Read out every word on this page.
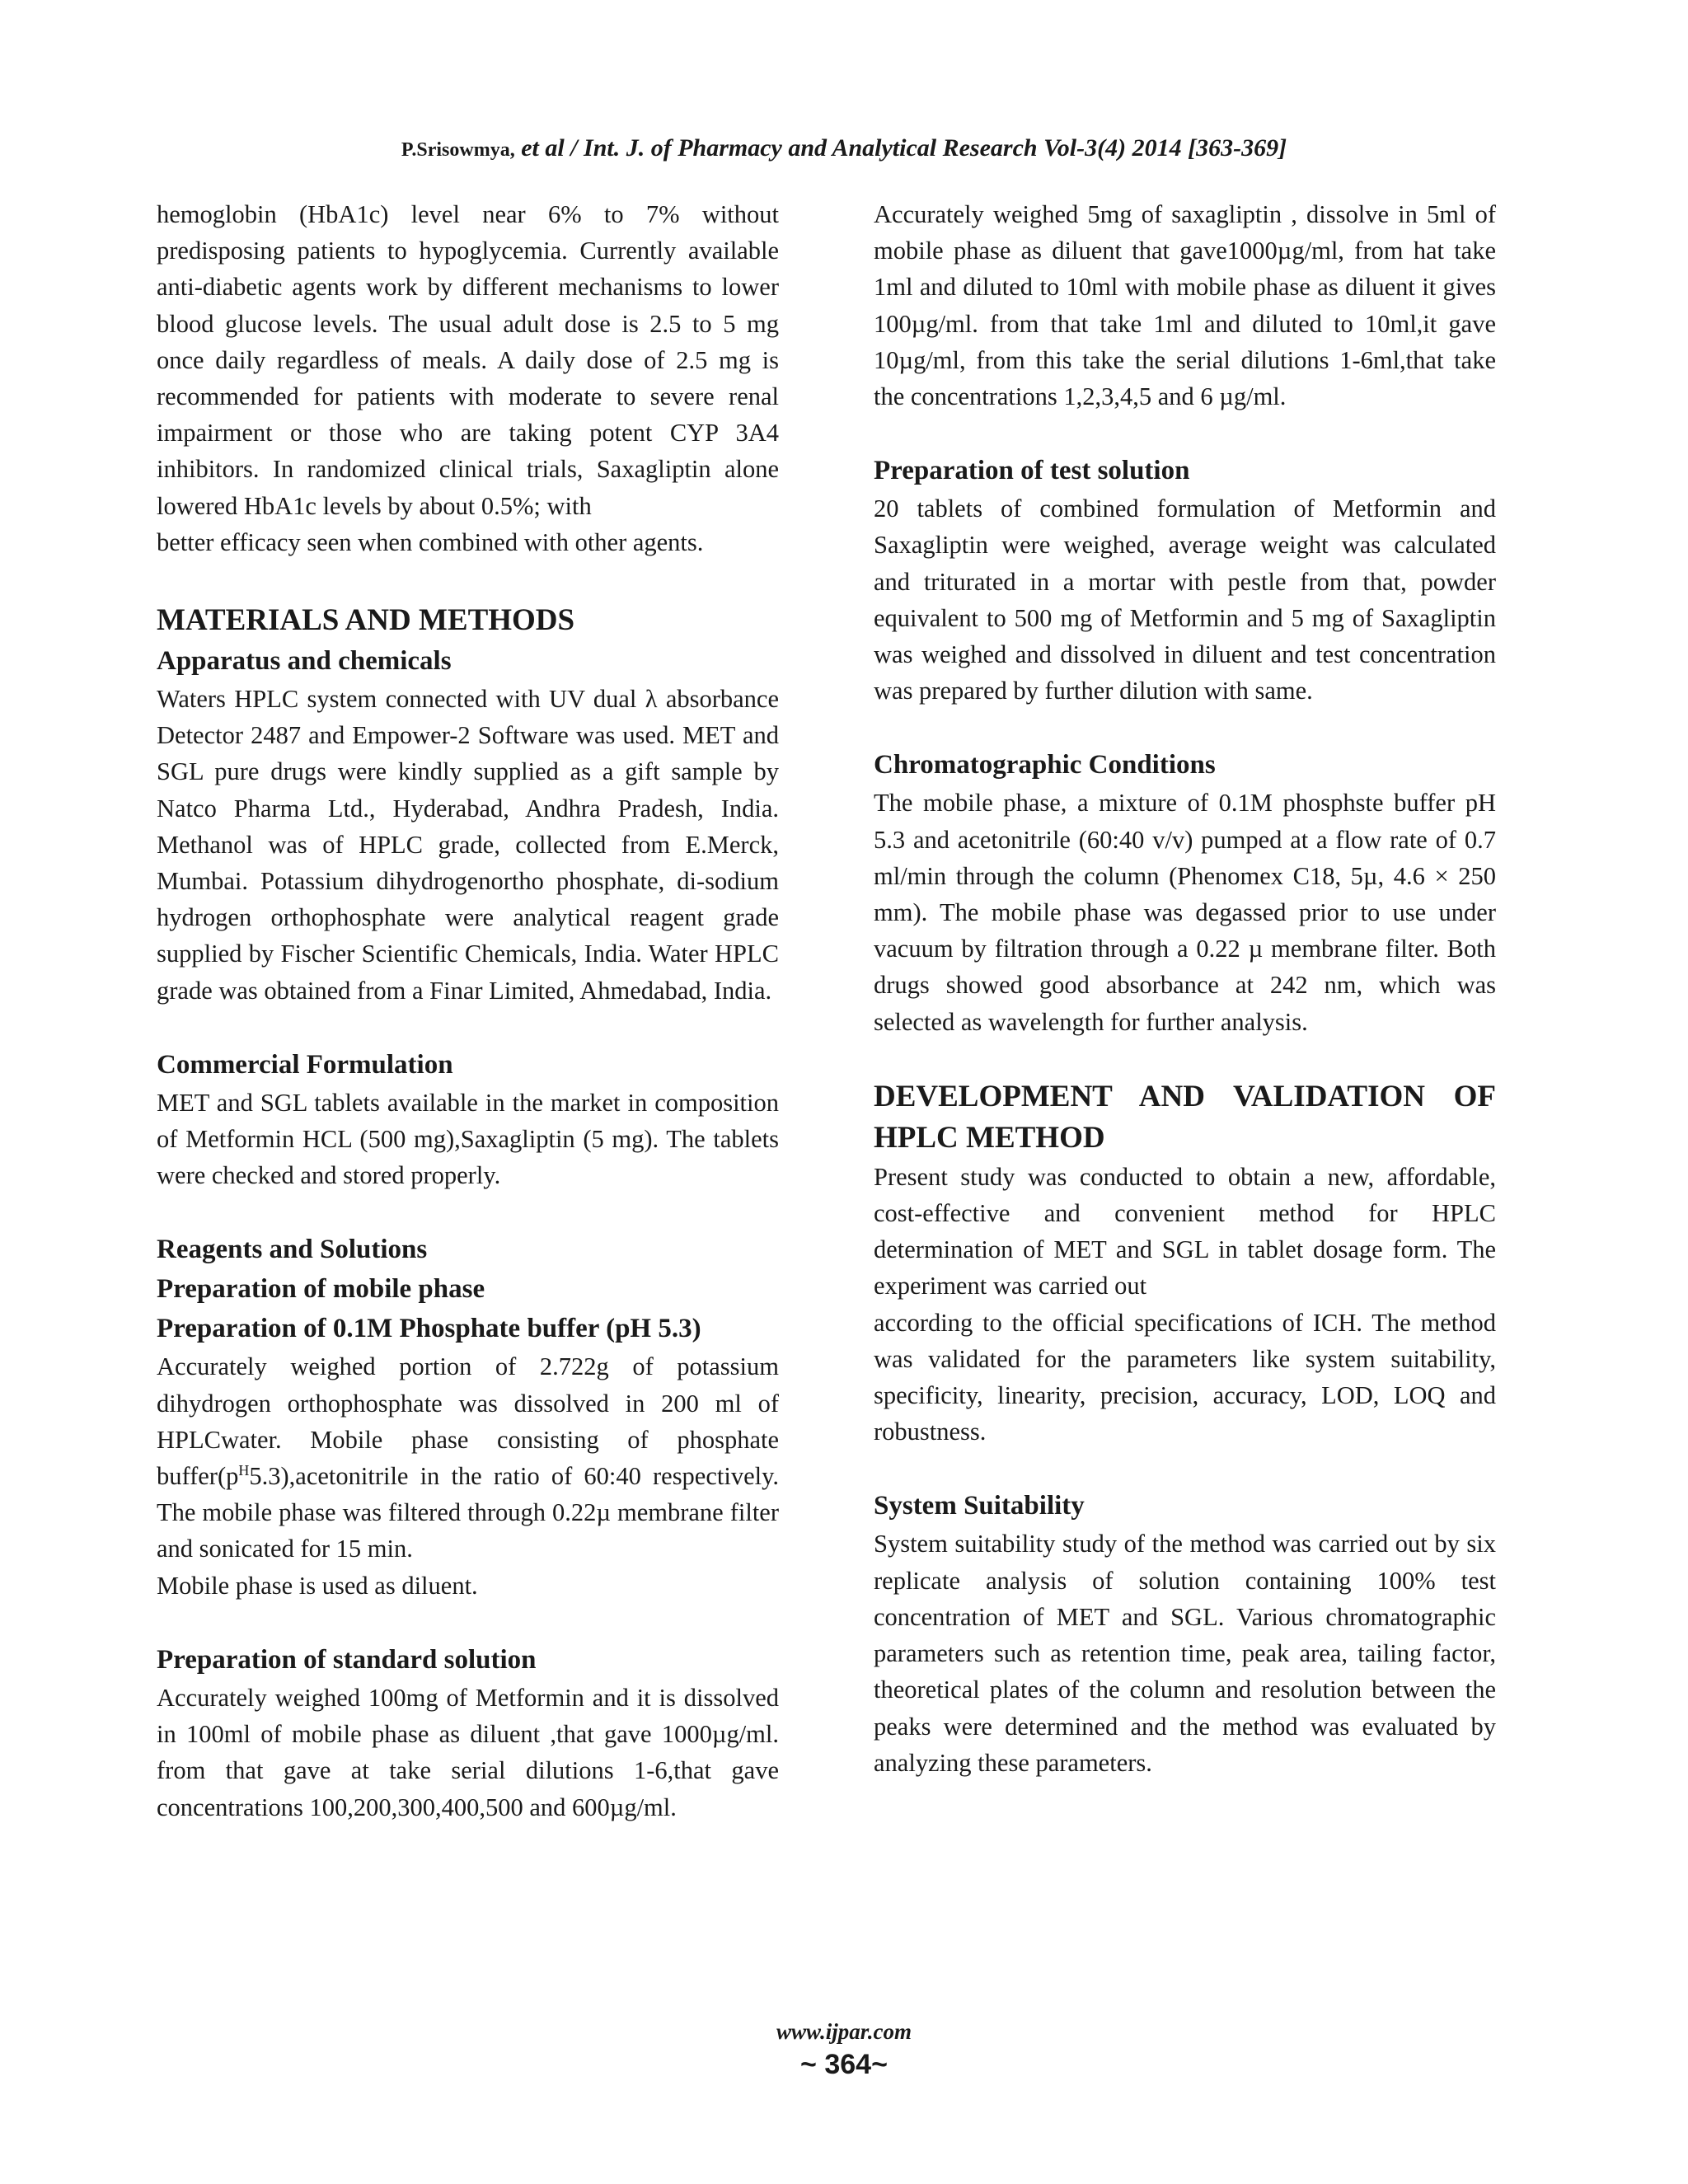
P.Srisowmya, et al / Int. J. of Pharmacy and Analytical Research Vol-3(4) 2014 [363-369]

hemoglobin (HbA1c) level near 6% to 7% without predisposing patients to hypoglycemia. Currently available anti-diabetic agents work by different mechanisms to lower blood glucose levels. The usual adult dose is 2.5 to 5 mg once daily regardless of meals. A daily dose of 2.5 mg is recommended for patients with moderate to severe renal impairment or those who are taking potent CYP 3A4 inhibitors. In randomized clinical trials, Saxagliptin alone lowered HbA1c levels by about 0.5%; with

better efficacy seen when combined with other agents.

MATERIALS AND METHODS
Apparatus and chemicals

Waters HPLC system connected with UV dual λ absorbance Detector 2487 and Empower-2 Software was used. MET and SGL pure drugs were kindly supplied as a gift sample by Natco Pharma Ltd., Hyderabad, Andhra Pradesh, India. Methanol was of HPLC grade, collected from E.Merck, Mumbai. Potassium dihydrogenortho phosphate, di-sodium hydrogen orthophosphate were analytical reagent grade supplied by Fischer Scientific Chemicals, India. Water HPLC grade was obtained from a Finar Limited, Ahmedabad, India.

Commercial Formulation

MET and SGL tablets available in the market in composition of Metformin HCL (500 mg),Saxagliptin (5 mg). The tablets were checked and stored properly.

Reagents and Solutions
Preparation of mobile phase
Preparation of 0.1M Phosphate buffer (pH 5.3)

Accurately weighed portion of 2.722g of potassium dihydrogen orthophosphate was dissolved in 200 ml of HPLCwater. Mobile phase consisting of phosphate $buffer(p^H5.3),acetonitrile$ in the ratio of 60:40 respectively. The mobile phase was filtered through 0.22µ membrane filter and sonicated for 15 min.

Mobile phase is used as diluent.

Preparation of standard solution

Accurately weighed 100mg of Metformin and it is dissolved in 100ml of mobile phase as diluent ,that gave 1000µg/ml. from that gave at take serial dilutions 1-6,that gave concentrations 100,200,300,400,500 and 600µg/ml.

Accurately weighed 5mg of saxagliptin , dissolve in 5ml of mobile phase as diluent that gave1000µg/ml, from hat take 1ml and diluted to 10ml with mobile phase as diluent it gives 100µg/ml. from that take 1ml and diluted to 10ml,it gave 10µg/ml, from this take the serial dilutions 1-6ml,that take the concentrations 1,2,3,4,5 and 6 µg/ml.

Preparation of test solution

20 tablets of combined formulation of Metformin and Saxagliptin were weighed, average weight was calculated and triturated in a mortar with pestle from that, powder equivalent to 500 mg of Metformin and 5 mg of Saxagliptin was weighed and dissolved in diluent and test concentration was prepared by further dilution with same.

Chromatographic Conditions

The mobile phase, a mixture of 0.1M phosphste buffer pH 5.3 and acetonitrile (60:40 v/v) pumped at a flow rate of 0.7 ml/min through the column (Phenomex C18, 5µ, 4.6 × 250 mm). The mobile phase was degassed prior to use under vacuum by filtration through a 0.22 µ membrane filter. Both drugs showed good absorbance at 242 nm, which was selected as wavelength for further analysis.

DEVELOPMENT AND VALIDATION OF HPLC METHOD

Present study was conducted to obtain a new, affordable, cost-effective and convenient method for HPLC determination of MET and SGL in tablet dosage form. The experiment was carried out

according to the official specifications of ICH. The method was validated for the parameters like system suitability, specificity, linearity, precision, accuracy, LOD, LOQ and robustness.

System Suitability

System suitability study of the method was carried out by six replicate analysis of solution containing 100% test concentration of MET and SGL. Various chromatographic parameters such as retention time, peak area, tailing factor, theoretical plates of the column and resolution between the peaks were determined and the method was evaluated by analyzing these parameters.

www.ijpar.com
~ 364~
